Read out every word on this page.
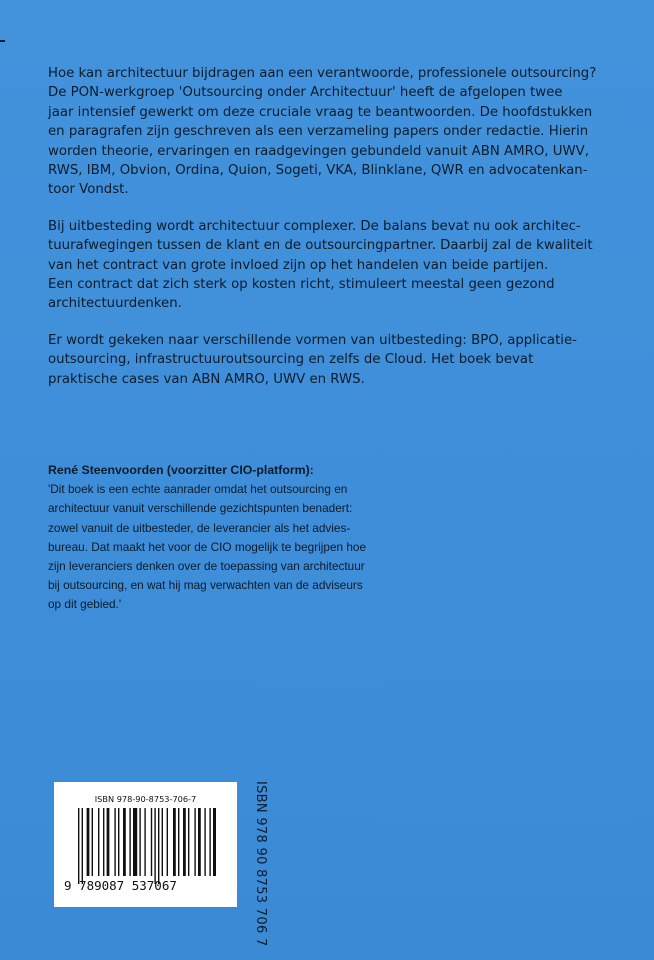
Hoe kan architectuur bijdragen aan een verantwoorde, professionele outsourcing?
De PON-werkgroep 'Outsourcing onder Architectuur' heeft de afgelopen twee
jaar intensief gewerkt om deze cruciale vraag te beantwoorden. De hoofdstukken
en paragrafen zijn geschreven als een verzameling papers onder redactie. Hierin
worden theorie, ervaringen en raadgevingen gebundeld vanuit ABN AMRO, UWV,
RWS, IBM, Obvion, Ordina, Quion, Sogeti, VKA, Blinklane, QWR en advocatenkan-
toor Vondst.

Bij uitbesteding wordt architectuur complexer. De balans bevat nu ook architec-
tuurafwegingen tussen de klant en de outsourcingpartner. Daarbij zal de kwaliteit
van het contract van grote invloed zijn op het handelen van beide partijen.
Een contract dat zich sterk op kosten richt, stimuleert meestal geen gezond
architectuurdenken.

Er wordt gekeken naar verschillende vormen van uitbesteding: BPO, applicatie-
outsourcing, infrastructuuroutsourcing en zelfs de Cloud. Het boek bevat
praktische cases van ABN AMRO, UWV en RWS.

René Steenvoorden (voorzitter CIO-platform):
'Dit boek is een echte aanrader omdat het outsourcing en
architectuur vanuit verschillende gezichtspunten benadert:
zowel vanuit de uitbesteder, de leverancier als het advies-
bureau. Dat maakt het voor de CIO mogelijk te begrijpen hoe
zijn leveranciers denken over de toepassing van architectuur
bij outsourcing, en wat hij mag verwachten van de adviseurs
op dit gebied.'
ISBN 978-90-8753-706-7
9 789087 537067	ISBN 978 90 8753 706 7
